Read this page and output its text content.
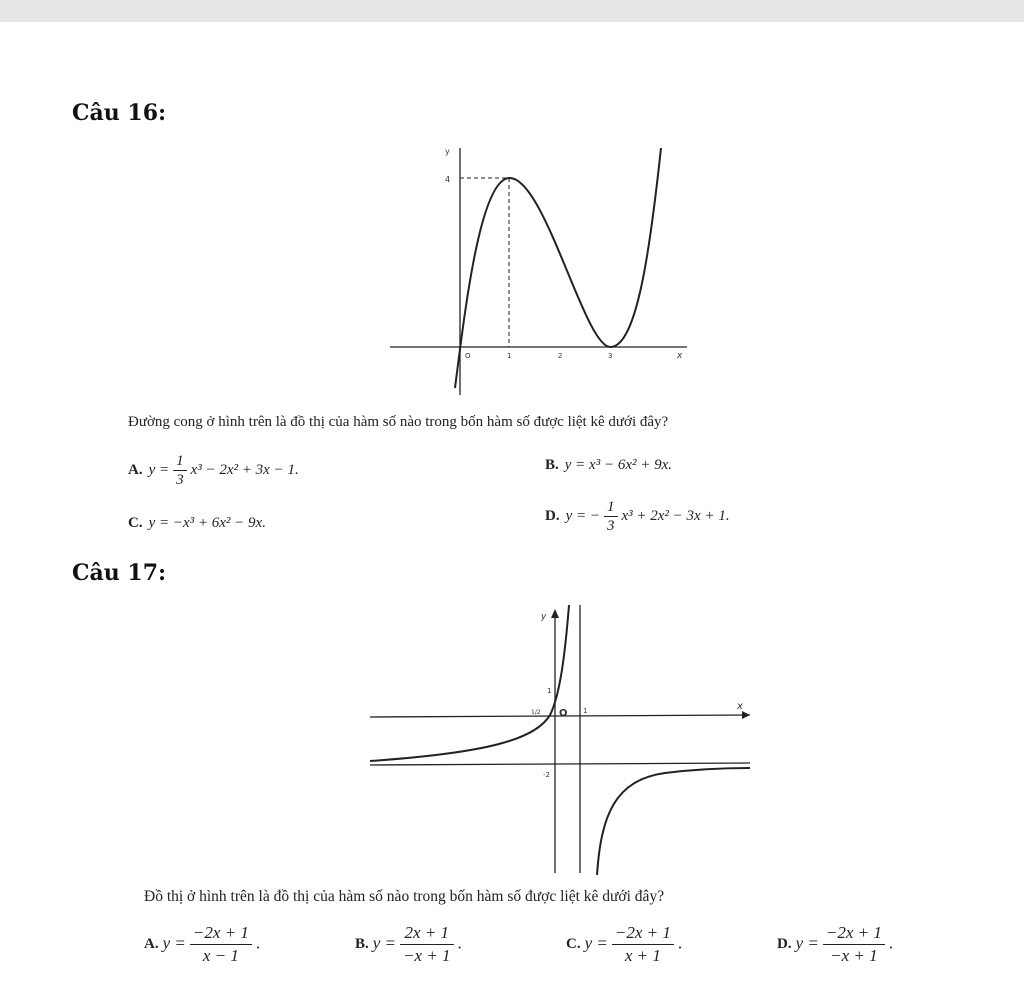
Câu 16:
4
y
O	1	2	3	x
Đường cong ở hình trên là đồ thị của hàm số nào trong bốn hàm số được liệt kê dưới đây?
A. $y = \frac{1}{3} x^3 - 2x^2 + 3x - 1$.	B. y = x³ − 6x² + 9x.
C. y = −x³ + 6x² − 9x.	D. y = − $\frac{1}{3} x^3 + 2x^2 - 3x + 1$.
Câu 17:
y
x
O
1
1
1/2
-2
Đồ thị ở hình trên là đồ thị của hàm số nào trong bốn hàm số được liệt kê dưới đây?
A. $y = \frac{-2x + 1}{x - 1}$ .	B. $y = \frac{2x + 1}{-x + 1}$ .	C. $y = \frac{-2x + 1}{x + 1}$ .	D. $y = \frac{-2x + 1}{-x + 1}$ .
